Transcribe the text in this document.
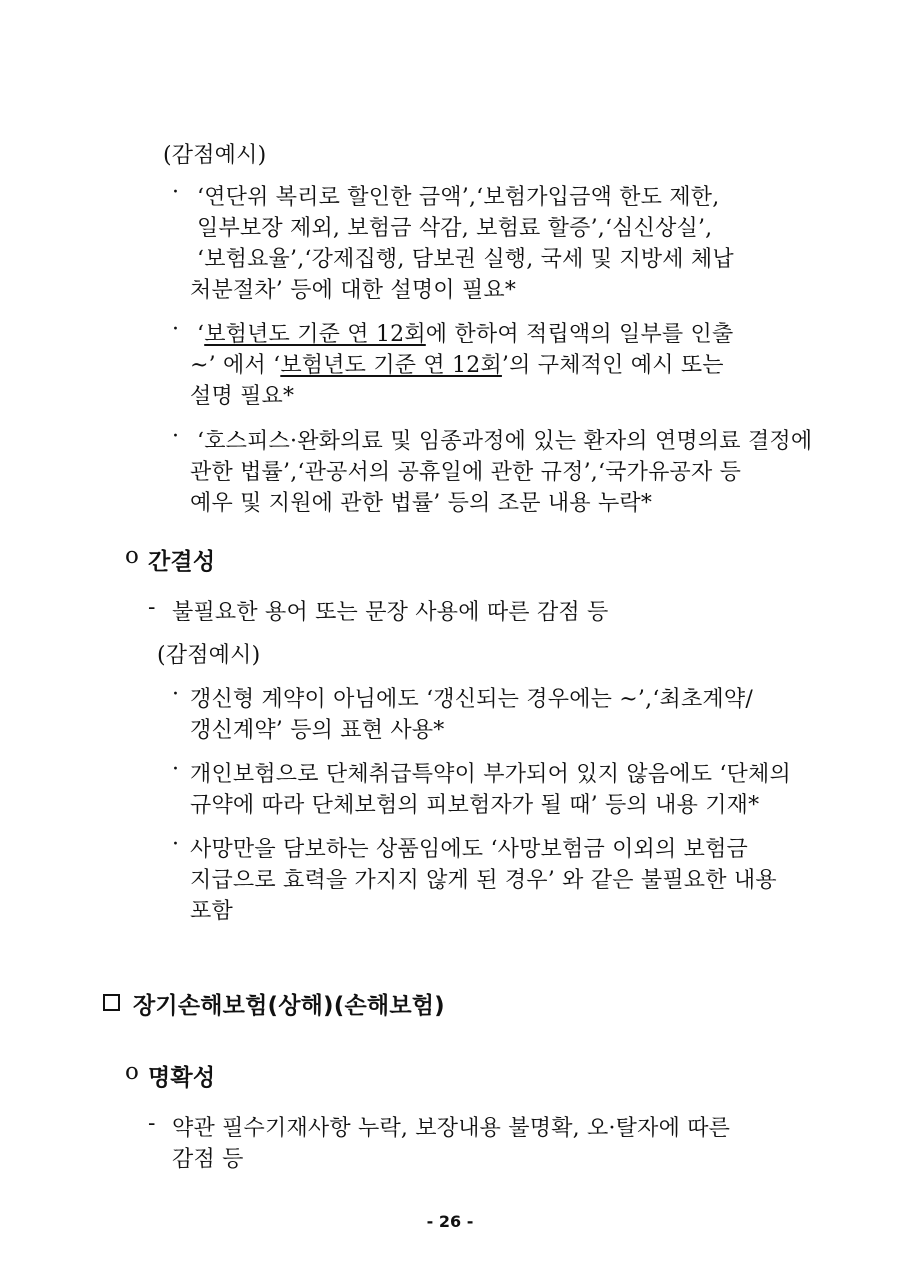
(감점예시)
· ‘연단위 복리로 할인한 금액’,‘보험가입금액 한도 제한,
일부보장 제외, 보험금 삭감, 보험료 할증’,‘심신상실’,
‘보험요율’,‘강제집행, 담보권 실행, 국세 및 지방세 체납
처분절차’ 등에 대한 설명이 필요*
· ‘보험년도 기준 연 12회에 한하여 적립액의 일부를 인출
~’ 에서 ‘보험년도 기준 연 12회’의 구체적인 예시 또는
설명 필요*
· ‘호스피스·완화의료 및 임종과정에 있는 환자의 연명의료 결정에
관한 법률’,‘관공서의 공휴일에 관한 규정’,‘국가유공자 등
예우 및 지원에 관한 법률’ 등의 조문 내용 누락*
o 간결성
- 불필요한 용어 또는 문장 사용에 따른 감점 등
(감점예시)
· 갱신형 계약이 아님에도 ‘갱신되는 경우에는 ~’,‘최초계약/
갱신계약’ 등의 표현 사용*
· 개인보험으로 단체취급특약이 부가되어 있지 않음에도 ‘단체의
규약에 따라 단체보험의 피보험자가 될 때’ 등의 내용 기재*
· 사망만을 담보하는 상품임에도 ‘사망보험금 이외의 보험금
지급으로 효력을 가지지 않게 된 경우’ 와 같은 불필요한 내용
포함
장기손해보험(상해)(손해보험)
o 명확성
- 약관 필수기재사항 누락, 보장내용 불명확, 오·탈자에 따른
감점 등
- 26 -
